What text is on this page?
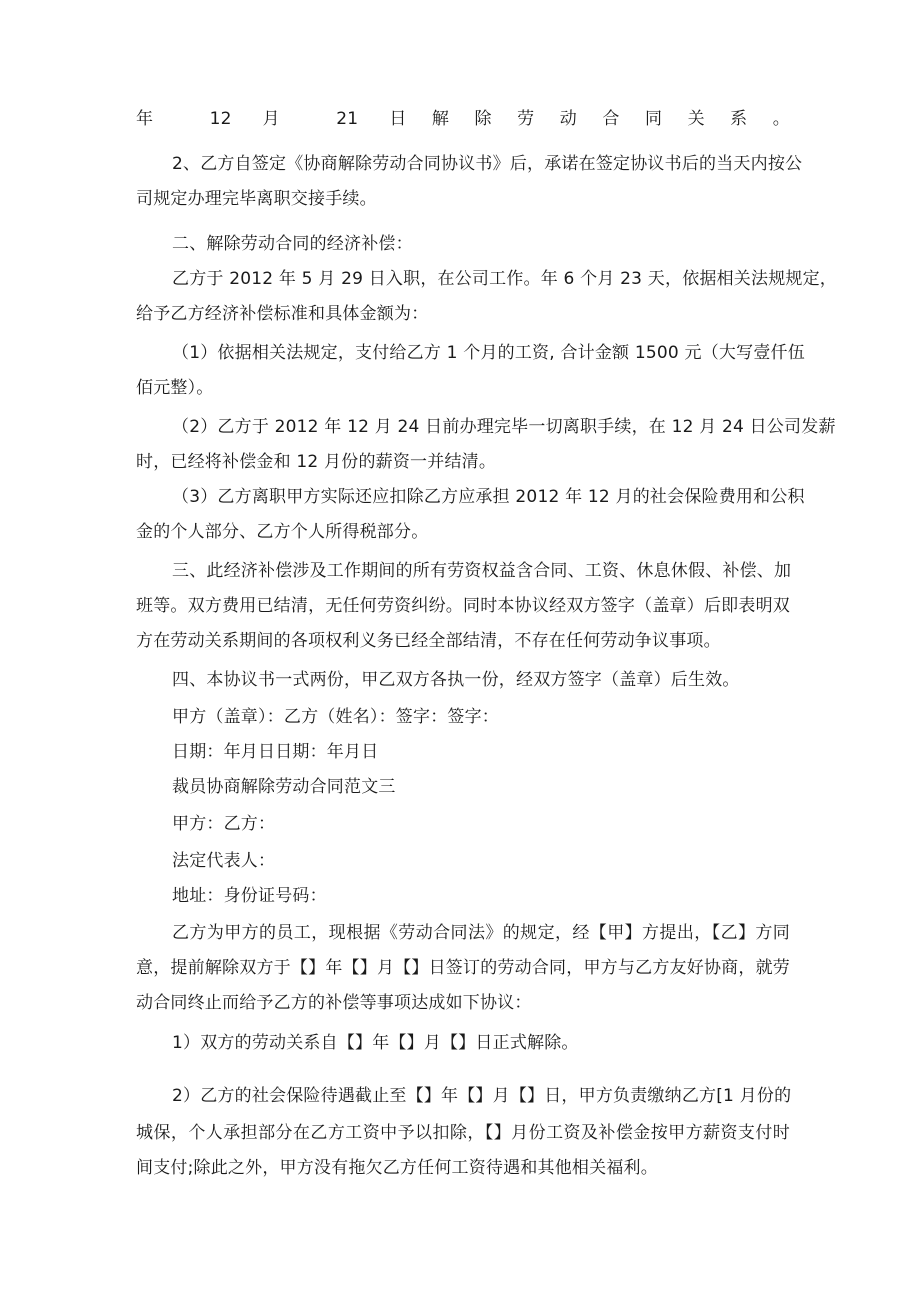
年 12 月 21 日解除劳动合同关系。

2、乙方自签定《协商解除劳动合同协议书》后，承诺在签定协议书后的当天内按公

司规定办理完毕离职交接手续。

二、解除劳动合同的经济补偿：

乙方于 2012 年 5 月 29 日入职，在公司工作。年 6 个月 23 天，依据相关法规规定，

给予乙方经济补偿标准和具体金额为：

（1）依据相关法规定，支付给乙方 1 个月的工资, 合计金额 1500 元（大写壹仟伍

佰元整）。

（2）乙方于 2012 年 12 月 24 日前办理完毕一切离职手续，在 12 月 24 日公司发薪

时，已经将补偿金和 12 月份的薪资一并结清。

（3）乙方离职甲方实际还应扣除乙方应承担 2012 年 12 月的社会保险费用和公积

金的个人部分、乙方个人所得税部分。

三、此经济补偿涉及工作期间的所有劳资权益含合同、工资、休息休假、补偿、加

班等。双方费用已结清，无任何劳资纠纷。同时本协议经双方签字（盖章）后即表明双

方在劳动关系期间的各项权利义务已经全部结清，不存在任何劳动争议事项。

四、本协议书一式两份，甲乙双方各执一份，经双方签字（盖章）后生效。

甲方（盖章）：乙方（姓名）：签字：签字：

日期：年月日日期：年月日

裁员协商解除劳动合同范文三

甲方：乙方：

法定代表人：

地址：身份证号码：

乙方为甲方的员工，现根据《劳动合同法》的规定，经【甲】方提出，【乙】方同

意，提前解除双方于【】年【】月【】日签订的劳动合同，甲方与乙方友好协商，就劳

动合同终止而给予乙方的补偿等事项达成如下协议：

1）双方的劳动关系自【】年【】月【】日正式解除。

2）乙方的社会保险待遇截止至【】年【】月【】日，甲方负责缴纳乙方[1 月份的

城保，个人承担部分在乙方工资中予以扣除，【】月份工资及补偿金按甲方薪资支付时

间支付;除此之外，甲方没有拖欠乙方任何工资待遇和其他相关福利。
